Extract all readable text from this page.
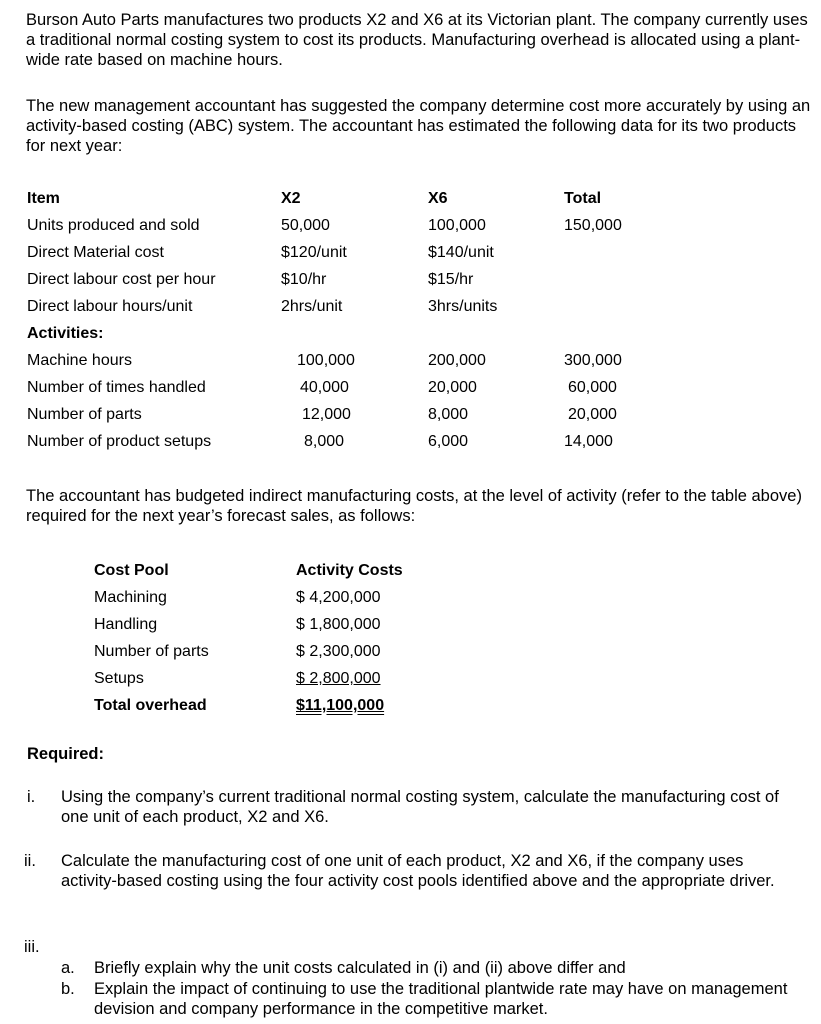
Burson Auto Parts manufactures two products X2 and X6 at its Victorian plant. The company currently uses a traditional normal costing system to cost its products. Manufacturing overhead is allocated using a plant-wide rate based on machine hours.

The new management accountant has suggested the company determine cost more accurately by using an activity-based costing (ABC) system. The accountant has estimated the following data for its two products for next year:

Item	X2	X6	Total
Units produced and sold	50,000	100,000	150,000
Direct Material cost	$120/unit	$140/unit
Direct labour cost per hour	$10/hr	$15/hr
Direct labour hours/unit	2hrs/unit	3hrs/units
Activities:
Machine hours	100,000	200,000	300,000
Number of times handled	40,000	20,000	60,000
Number of parts	12,000	8,000	20,000
Number of product setups	8,000	6,000	14,000

The accountant has budgeted indirect manufacturing costs, at the level of activity (refer to the table above) required for the next year’s forecast sales, as follows:

Cost Pool	Activity Costs
Machining	$ 4,200,000
Handling	$ 1,800,000
Number of parts	$ 2,300,000
Setups	$ 2,800,000
Total overhead	$11,100,000
Required:
i. Using the company’s current traditional normal costing system, calculate the manufacturing cost of one unit of each product, X2 and X6.
ii. Calculate the manufacturing cost of one unit of each product, X2 and X6, if the company uses activity-based costing using the four activity cost pools identified above and the appropriate driver.
iii.
a. Briefly explain why the unit costs calculated in (i) and (ii) above differ and
b. Explain the impact of continuing to use the traditional plantwide rate may have on management devision and company performance in the competitive market.
